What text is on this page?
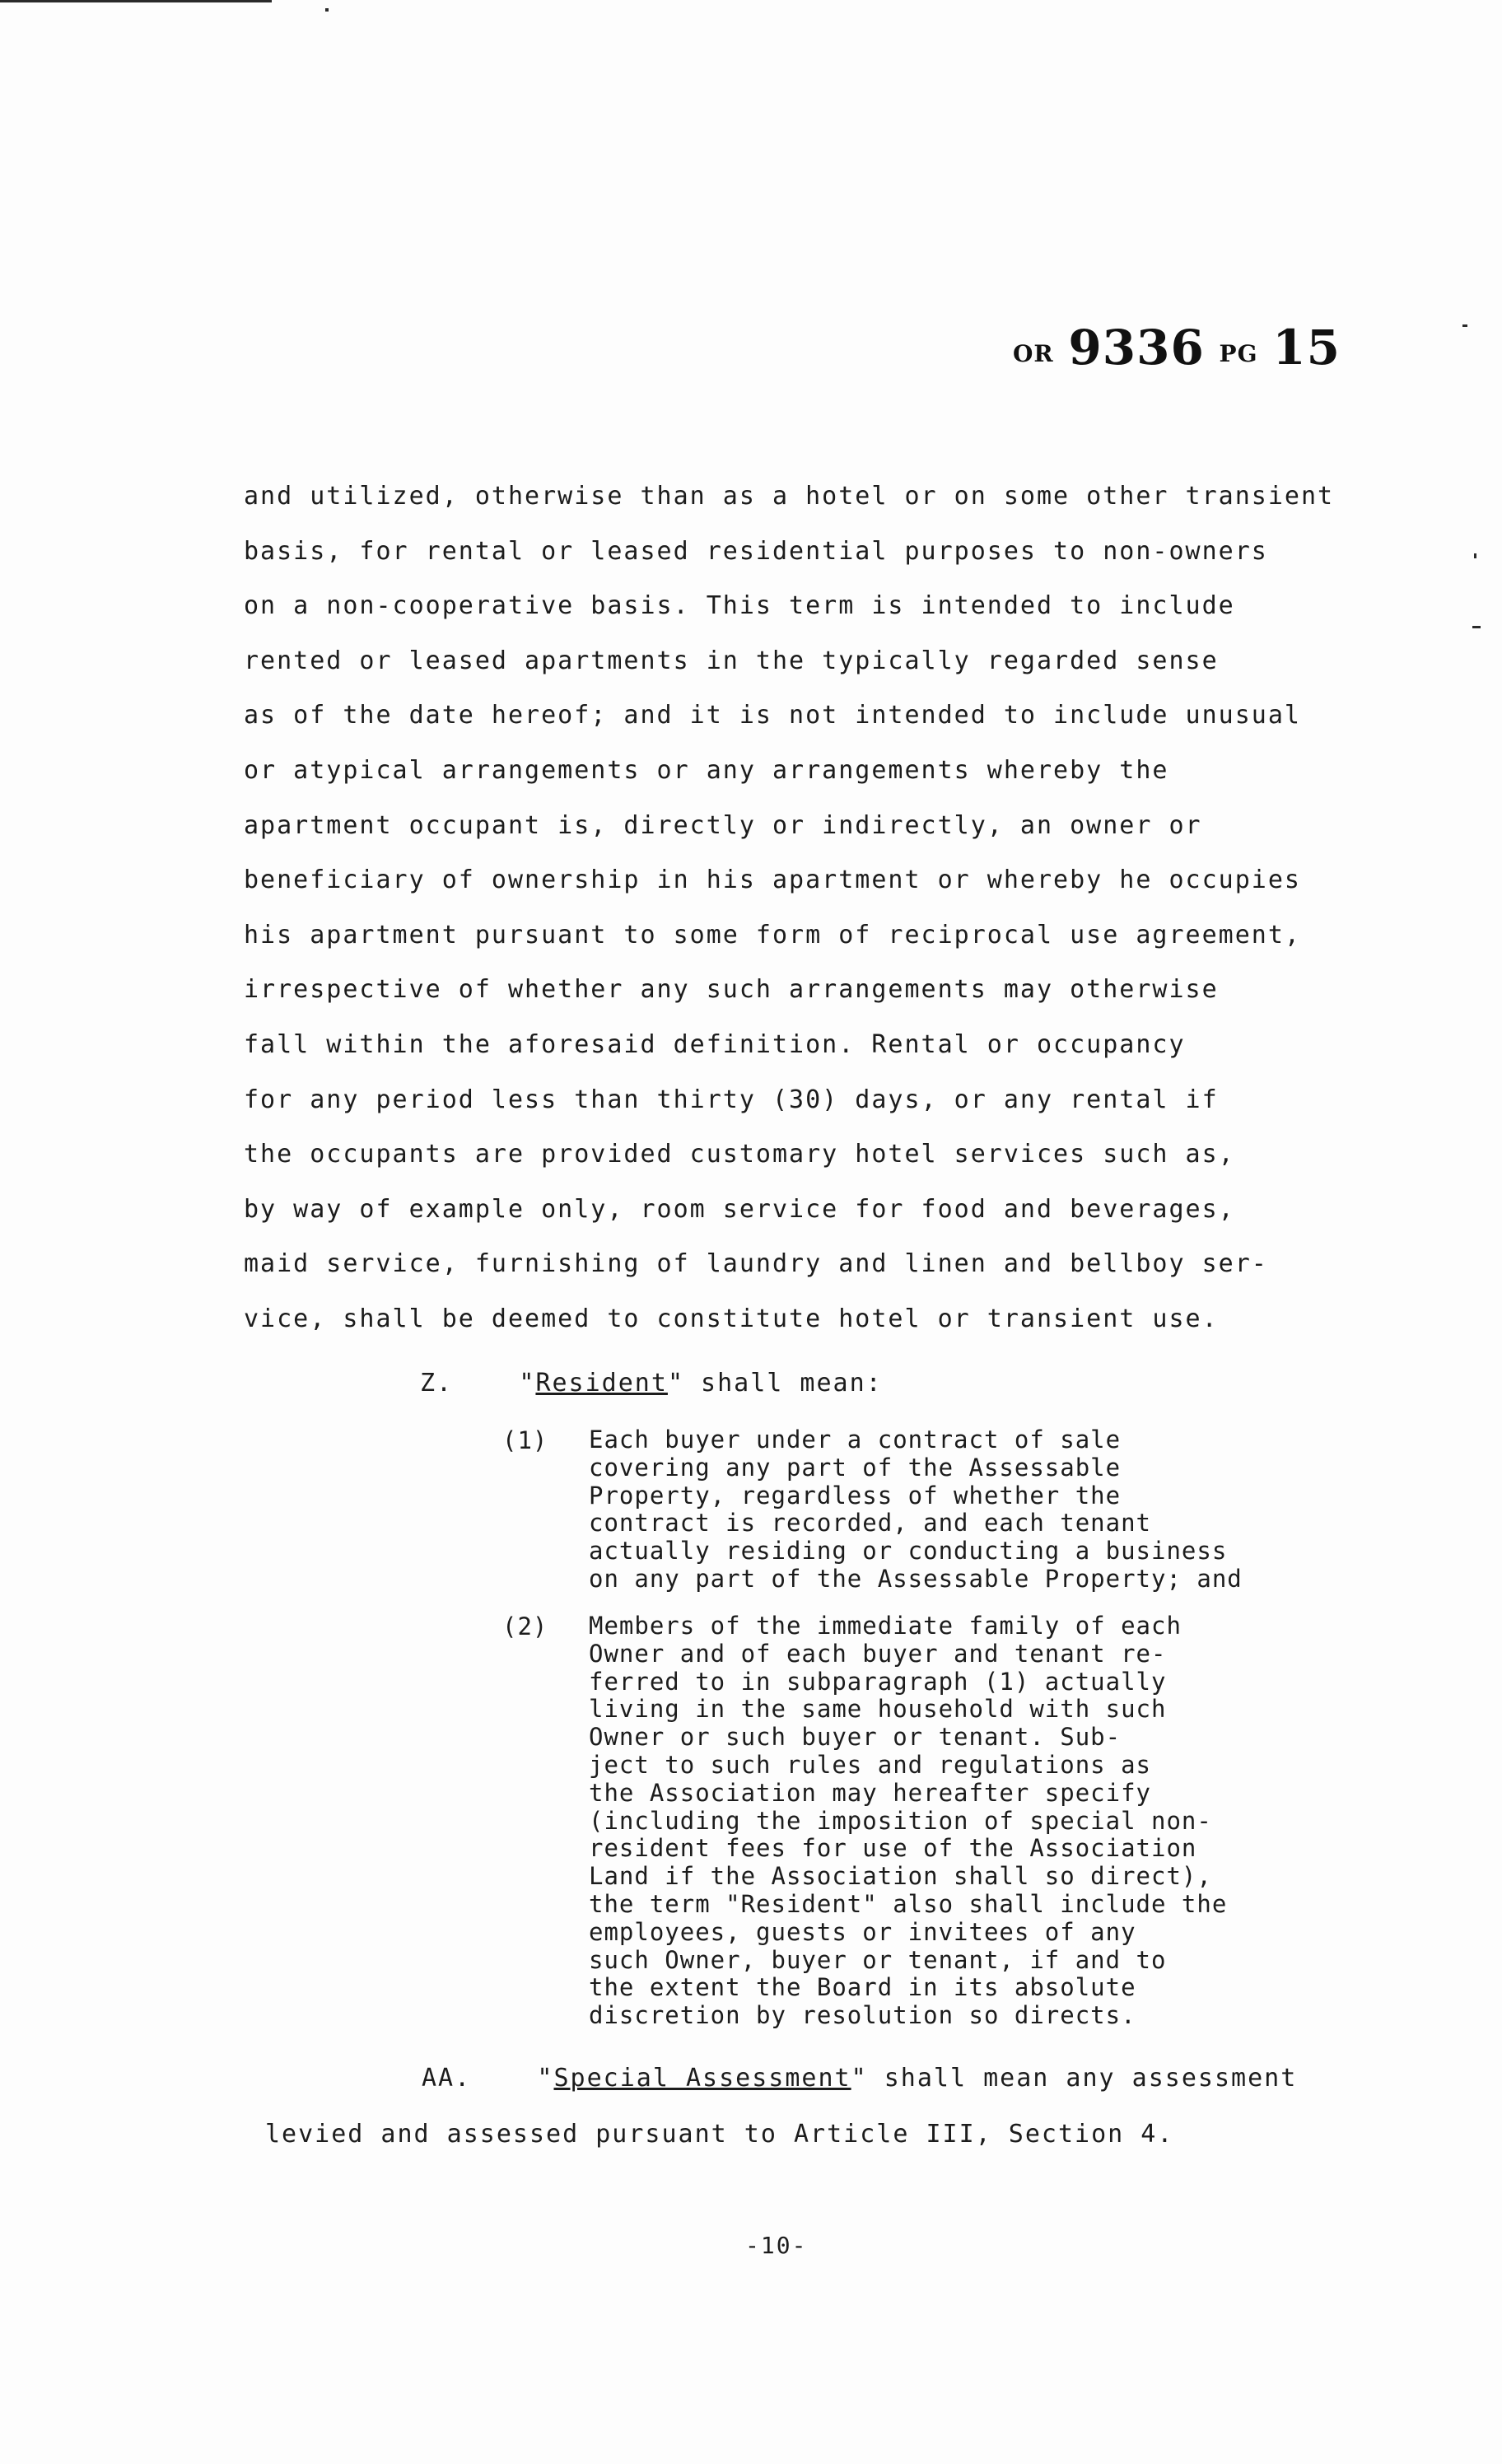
OR 9336 PG 15
and utilized, otherwise than as a hotel or on some other transient
basis, for rental or leased residential purposes to non-owners
on a non-cooperative basis. This term is intended to include
rented or leased apartments in the typically regarded sense
as of the date hereof; and it is not intended to include unusual
or atypical arrangements or any arrangements whereby the
apartment occupant is, directly or indirectly, an owner or
beneficiary of ownership in his apartment or whereby he occupies
his apartment pursuant to some form of reciprocal use agreement,
irrespective of whether any such arrangements may otherwise
fall within the aforesaid definition. Rental or occupancy
for any period less than thirty (30) days, or any rental if
the occupants are provided customary hotel services such as,
by way of example only, room service for food and beverages,
maid service, furnishing of laundry and linen and bellboy ser-
vice, shall be deemed to constitute hotel or transient use.
Z.    "Resident" shall mean:
(1)	Each buyer under a contract of sale
covering any part of the Assessable
Property, regardless of whether the
contract is recorded, and each tenant
actually residing or conducting a business
on any part of the Assessable Property; and
(2)	Members of the immediate family of each
Owner and of each buyer and tenant re-
ferred to in subparagraph (1) actually
living in the same household with such
Owner or such buyer or tenant. Sub-
ject to such rules and regulations as
the Association may hereafter specify
(including the imposition of special non-
resident fees for use of the Association
Land if the Association shall so direct),
the term "Resident" also shall include the
employees, guests or invitees of any
such Owner, buyer or tenant, if and to
the extent the Board in its absolute
discretion by resolution so directs.
AA.    "Special Assessment" shall mean any assessment
levied and assessed pursuant to Article III, Section 4.
-10-
